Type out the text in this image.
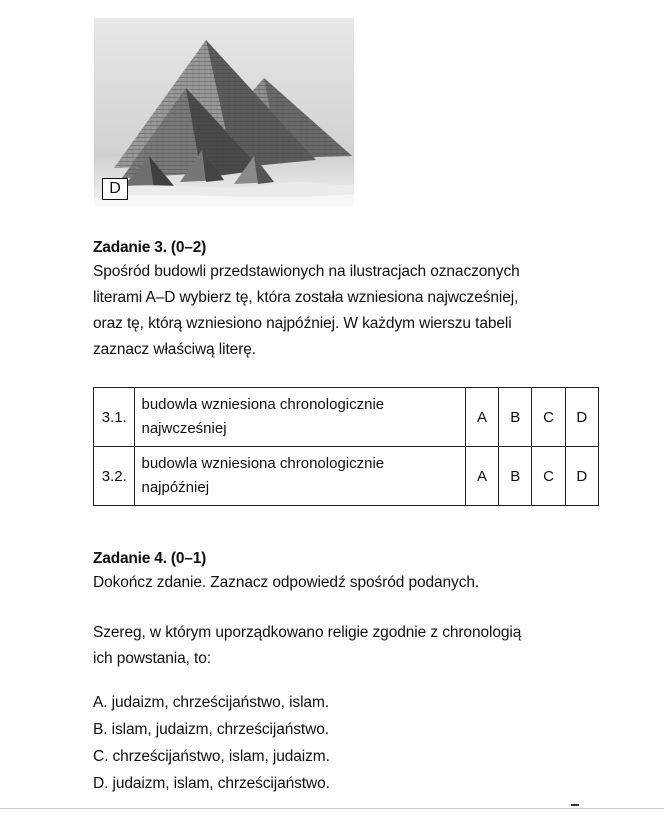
D
Zadanie 3. (0–2)

Spośród budowli przedstawionych na ilustracjach oznaczonych
literami A–D wybierz tę, która została wzniesiona najwcześniej,
oraz tę, którą wzniesiono najpóźniej. W każdym wierszu tabeli
zaznacz właściwą literę.

3.1.	budowla wzniesiona chronologicznie
najwcześniej	A	B	C	D
3.2.	budowla wzniesiona chronologicznie
najpóźniej	A	B	C	D
Zadanie 4. (0–1)

Dokończ zdanie. Zaznacz odpowiedź spośród podanych.

Szereg, w którym uporządkowano religie zgodnie z chronologią
ich powstania, to:

A. judaizm, chrześcijaństwo, islam.
B. islam, judaizm, chrześcijaństwo.
C. chrześcijaństwo, islam, judaizm.
D. judaizm, islam, chrześcijaństwo.
